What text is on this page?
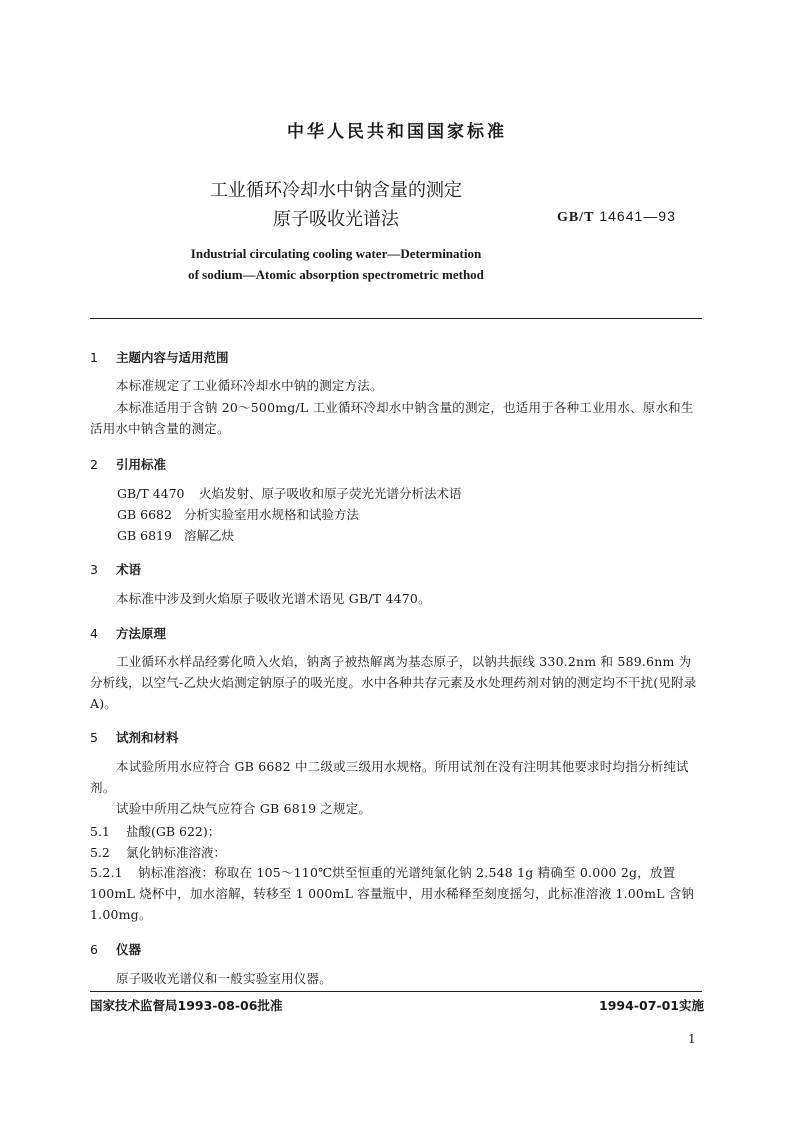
中华人民共和国国家标准
工业循环冷却水中钠含量的测定
原子吸收光谱法	GB/T 14641—93
Industrial circulating cooling water—Determination
of sodium—Atomic absorption spectrometric method
1 主题内容与适用范围
本标准规定了工业循环冷却水中钠的测定方法。
本标准适用于含钠 20～500mg/L 工业循环冷却水中钠含量的测定，也适用于各种工业用水、原水和生活用水中钠含量的测定。
2 引用标准
GB/T 4470 火焰发射、原子吸收和原子荧光光谱分析法术语
GB 6682 分析实验室用水规格和试验方法
GB 6819 溶解乙炔
3 术语
本标准中涉及到火焰原子吸收光谱术语见 GB/T 4470。
4 方法原理
工业循环水样品经雾化喷入火焰，钠离子被热解离为基态原子，以钠共振线 330.2nm 和 589.6nm 为分析线，以空气-乙炔火焰测定钠原子的吸光度。水中各种共存元素及水处理药剂对钠的测定均不干扰(见附录 A)。
5 试剂和材料
本试验所用水应符合 GB 6682 中二级或三级用水规格。所用试剂在没有注明其他要求时均指分析纯试剂。
试验中所用乙炔气应符合 GB 6819 之规定。
5.1 盐酸(GB 622)；
5.2 氯化钠标准溶液：
5.2.1 钠标准溶液：称取在 105～110℃烘至恒重的光谱纯氯化钠 2.548 1g 精确至 0.000 2g，放置 100mL 烧杯中，加水溶解，转移至 1 000mL 容量瓶中，用水稀释至刻度摇匀，此标准溶液 1.00mL 含钠 1.00mg。
6 仪器
原子吸收光谱仪和一般实验室用仪器。
国家技术监督局1993-08-06批准	1994-07-01实施
1
